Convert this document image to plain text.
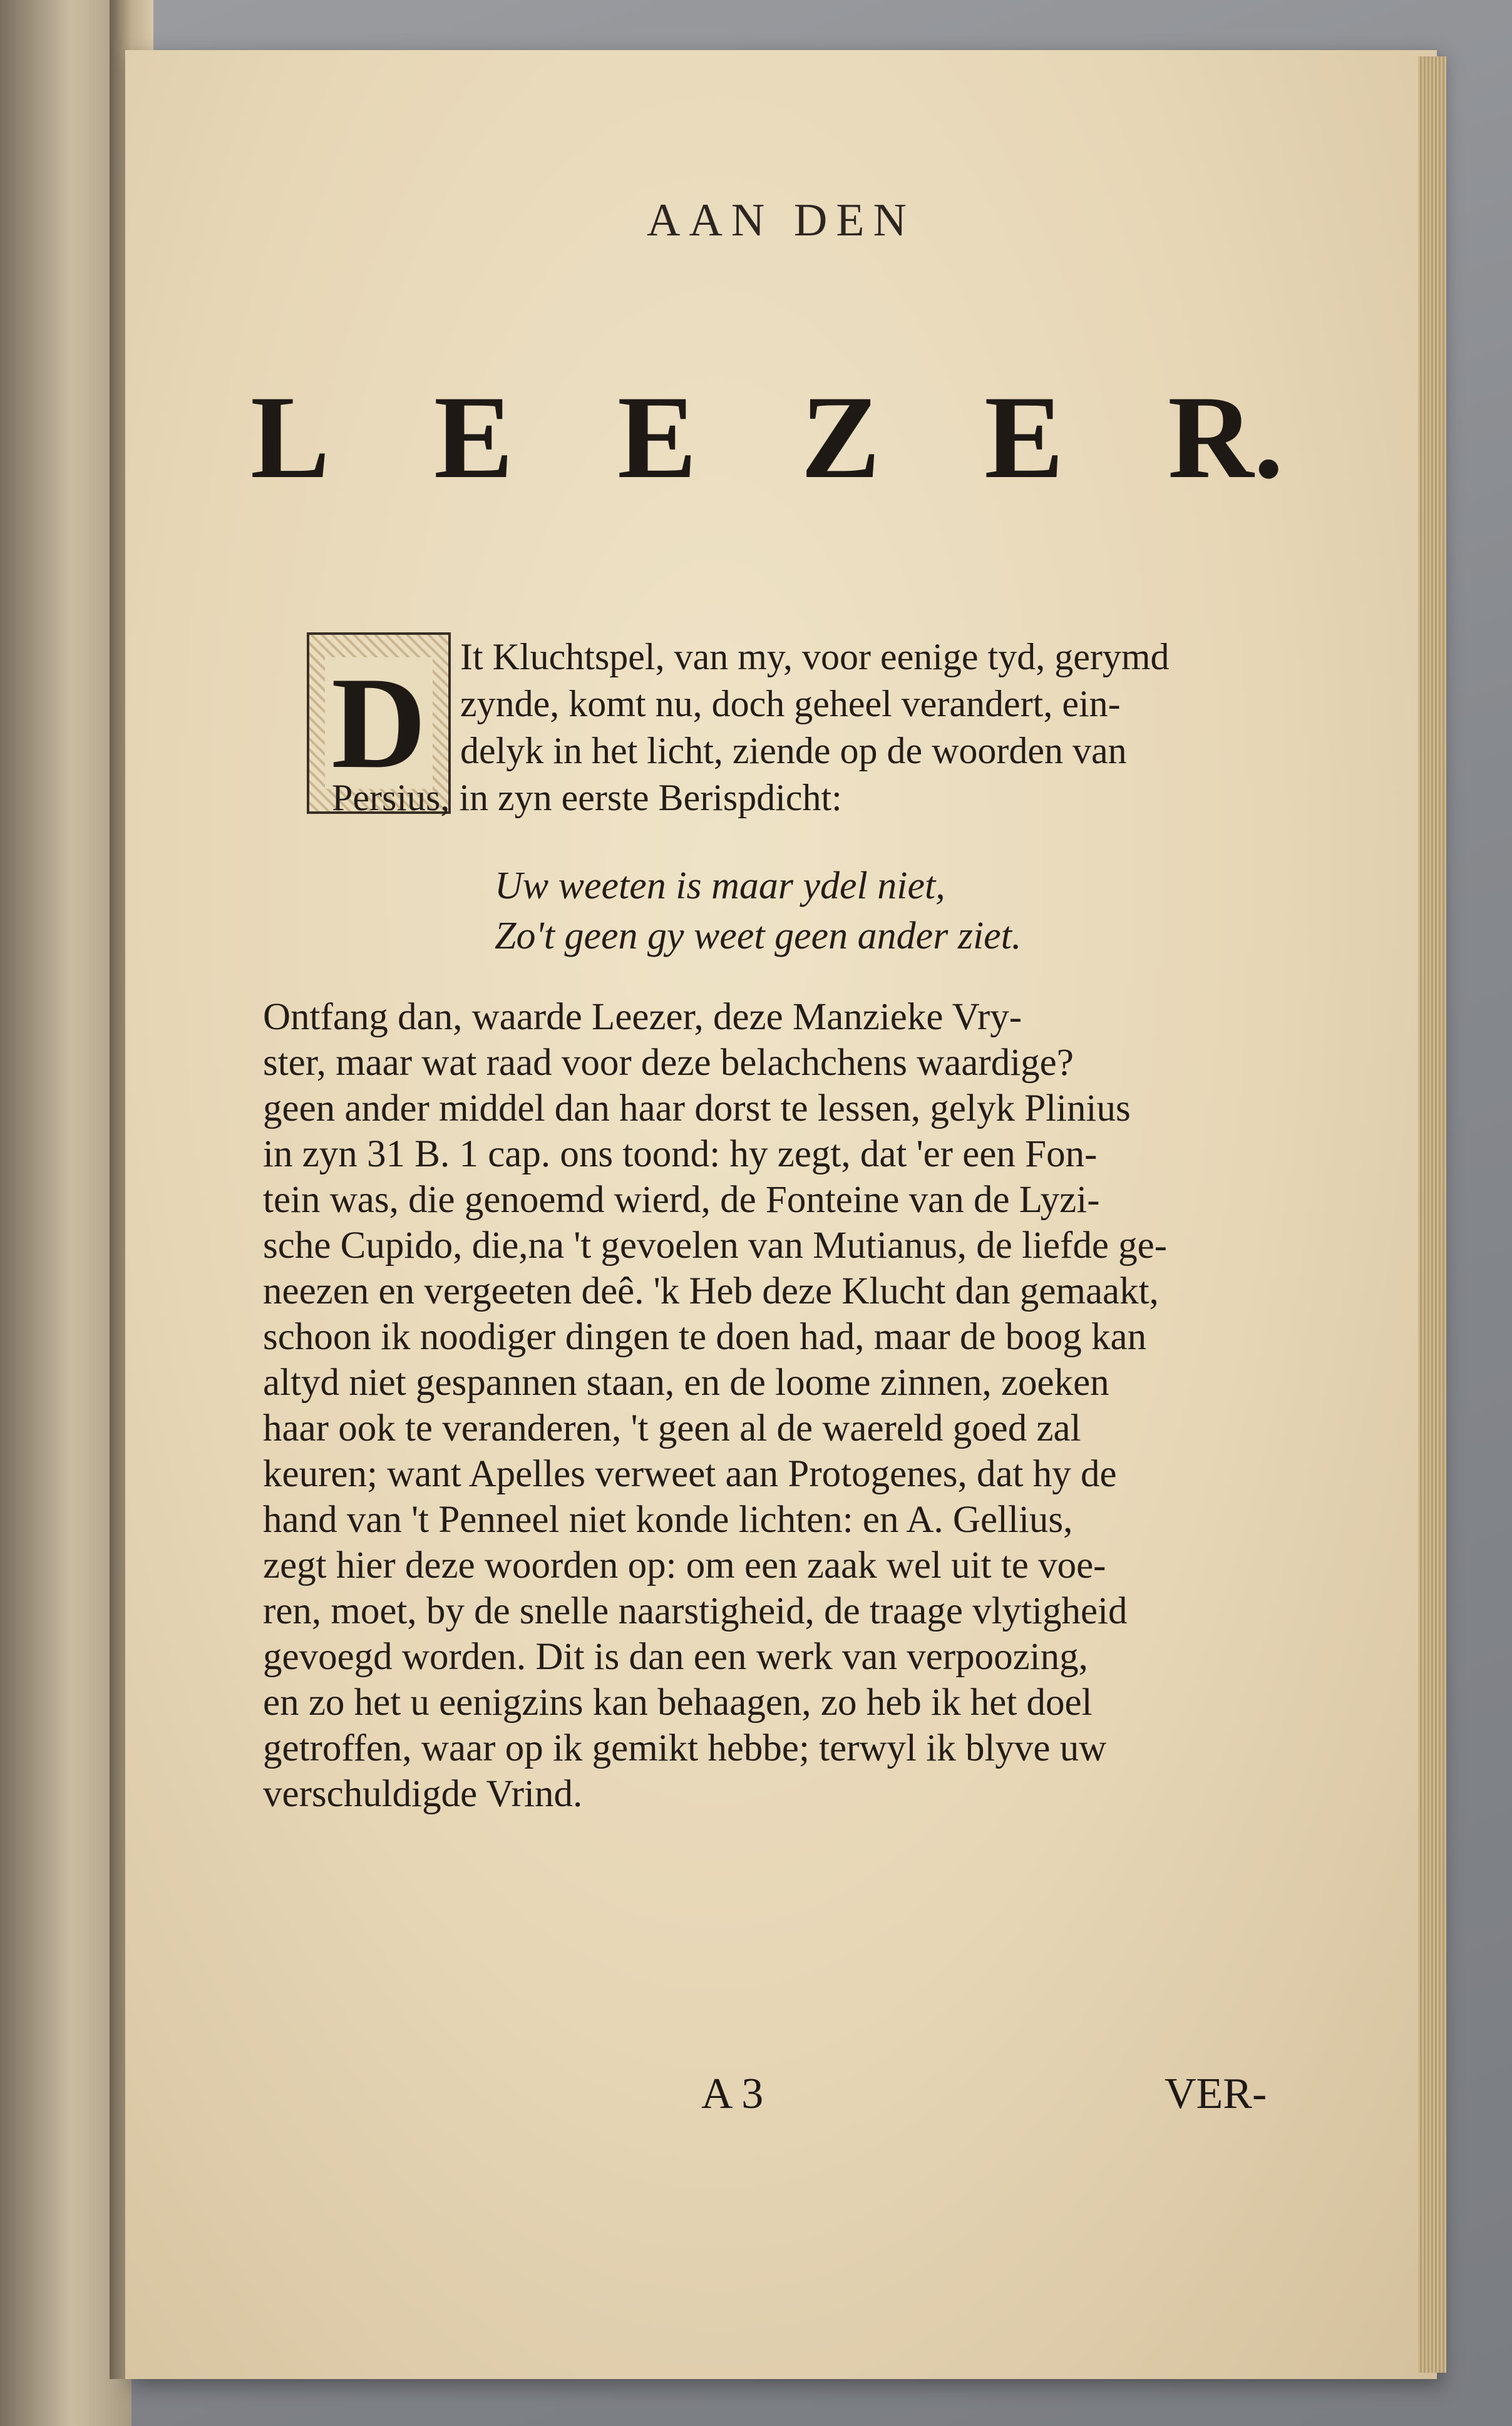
AAN DEN
L E E Z E R.
D It Kluchtspel, van my, voor eenige tyd, gerymd
zynde, komt nu, doch geheel verandert, ein-
delyk in het licht, ziende op de woorden van
Persius, in zyn eerste Berispdicht:
Uw weeten is maar ydel niet,
Zo't geen gy weet geen ander ziet.
Ontfang dan, waarde Leezer, deze Manzieke Vry-
ster, maar wat raad voor deze belachchens waardige?
geen ander middel dan haar dorst te lessen, gelyk Plinius
in zyn 31 B. 1 cap. ons toond: hy zegt, dat 'er een Fon-
tein was, die genoemd wierd, de Fonteine van de Lyzi-
sche Cupido, die,na 't gevoelen van Mutianus, de liefde ge-
neezen en vergeeten deê. 'k Heb deze Klucht dan gemaakt,
schoon ik noodiger dingen te doen had, maar de boog kan
altyd niet gespannen staan, en de loome zinnen, zoeken
haar ook te veranderen, 't geen al de waereld goed zal
keuren; want Apelles verweet aan Protogenes, dat hy de
hand van 't Penneel niet konde lichten: en A. Gellius,
zegt hier deze woorden op: om een zaak wel uit te voe-
ren, moet, by de snelle naarstigheid, de traage vlytigheid
gevoegd worden. Dit is dan een werk van verpoozing,
en zo het u eenigzins kan behaagen, zo heb ik het doel
getroffen, waar op ik gemikt hebbe; terwyl ik blyve uw
verschuldigde Vrind.
A 3	VER-
